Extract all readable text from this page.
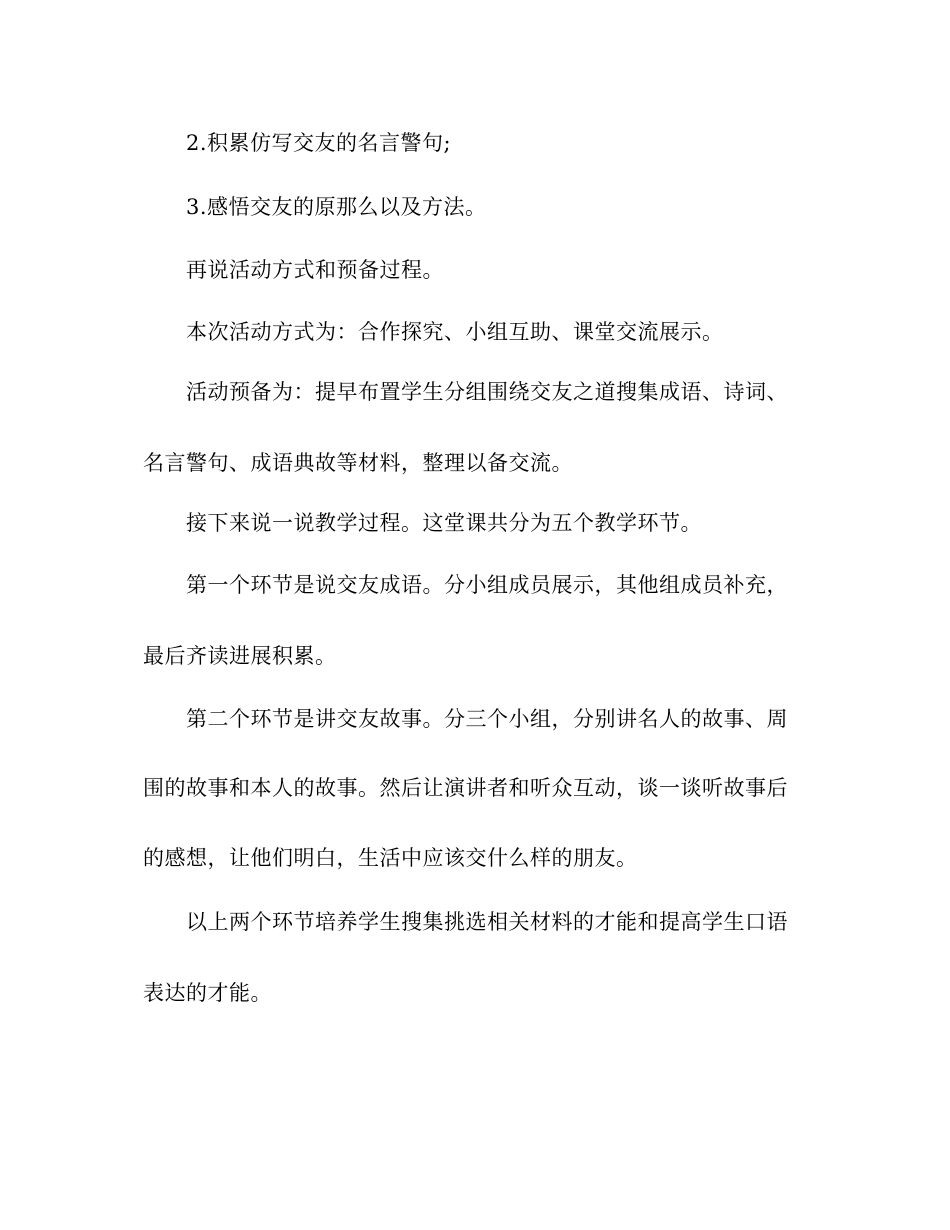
2.积累仿写交友的名言警句;
3.感悟交友的原那么以及方法。
再说活动方式和预备过程。
本次活动方式为：合作探究、小组互助、课堂交流展示。
活动预备为：提早布置学生分组围绕交友之道搜集成语、诗词、
名言警句、成语典故等材料，整理以备交流。
接下来说一说教学过程。这堂课共分为五个教学环节。
第一个环节是说交友成语。分小组成员展示，其他组成员补充，
最后齐读进展积累。
第二个环节是讲交友故事。分三个小组，分别讲名人的故事、周
围的故事和本人的故事。然后让演讲者和听众互动，谈一谈听故事后
的感想，让他们明白，生活中应该交什么样的朋友。
以上两个环节培养学生搜集挑选相关材料的才能和提高学生口语
表达的才能。
